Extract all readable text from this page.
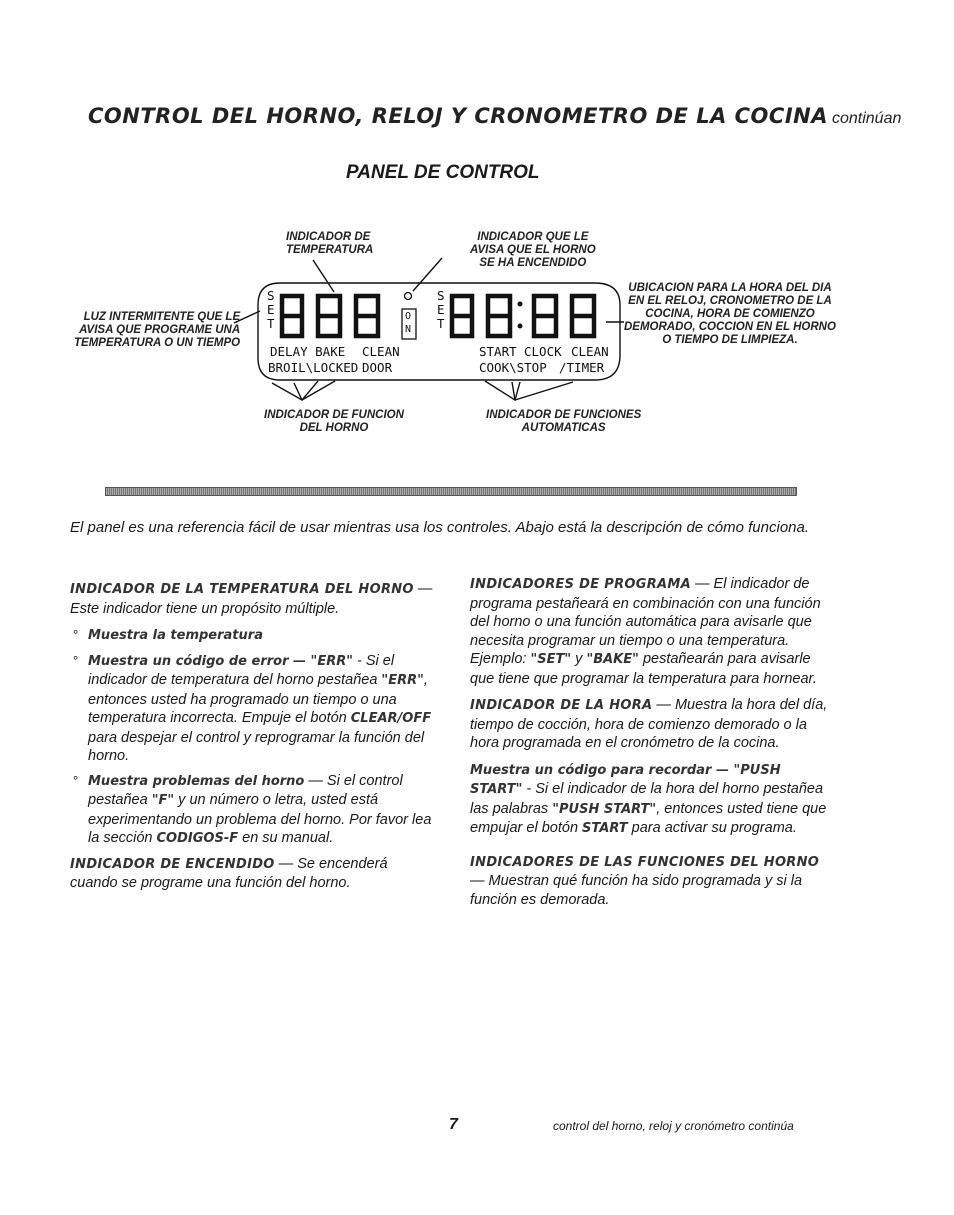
CONTROL DEL HORNO, RELOJ Y CRONOMETRO DE LA COCINA continúan
PANEL DE CONTROL
INDICADOR DE
TEMPERATURA
INDICADOR QUE LE
AVISA QUE EL HORNO
SE HA ENCENDIDO
LUZ INTERMITENTE QUE LE
AVISA QUE PROGRAME UNA
TEMPERATURA O UN TIEMPO
UBICACION PARA LA HORA DEL DIA
EN EL RELOJ, CRONOMETRO DE LA
COCINA, HORA DE COMIENZO
DEMORADO, COCCION EN EL HORNO
O TIEMPO DE LIMPIEZA.
INDICADOR DE FUNCION
DEL HORNO
INDICADOR DE FUNCIONES
AUTOMATICAS
S
E
T
S
E
T
O
N
DELAY BAKE CLEAN
BROIL\LOCKED DOOR
START CLOCK CLEAN
COOK\STOP /TIMER
El panel es una referencia fácil de usar mientras usa los controles. Abajo está la descripción de cómo funciona.

INDICADOR DE LA TEMPERATURA DEL HORNO — Este indicador tiene un propósito múltiple.

° Muestra la temperatura
° Muestra un código de error — "ERR" - Si el indicador de temperatura del horno pestañea "ERR", entonces usted ha programado un tiempo o una temperatura incorrecta. Empuje el botón CLEAR/OFF para despejar el control y reprogramar la función del horno.
° Muestra problemas del horno — Si el control pestañea "F" y un número o letra, usted está experimentando un problema del horno. Por favor lea la sección CODIGOS-F en su manual.

INDICADOR DE ENCENDIDO — Se encenderá cuando se programe una función del horno.

INDICADORES DE PROGRAMA — El indicador de programa pestañeará en combinación con una función del horno o una función automática para avisarle que necesita programar un tiempo o una temperatura. Ejemplo: "SET" y "BAKE" pestañearán para avisarle que tiene que programar la temperatura para hornear.

INDICADOR DE LA HORA — Muestra la hora del día, tiempo de cocción, hora de comienzo demorado o la hora programada en el cronómetro de la cocina.

Muestra un código para recordar — "PUSH START" - Si el indicador de la hora del horno pestañea las palabras "PUSH START", entonces usted tiene que empujar el botón START para activar su programa.

INDICADORES DE LAS FUNCIONES DEL HORNO — Muestran qué función ha sido programada y si la función es demorada.

7	control del horno, reloj y cronómetro continúa
